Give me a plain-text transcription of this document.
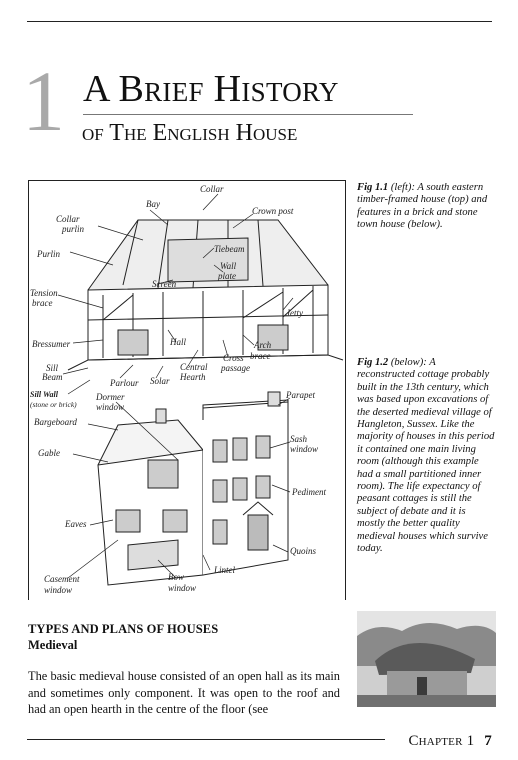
1 A Brief History
of The English House
Collar
Bay
Crown post
Collar
purlin
Tiebeam
Purlin
Wall
plate
Screen
Tension
brace
Jetty
Bressumer	Hall	Arch
brace
Cross
passage
Sill
Beam
Central
Hearth
Solar
Parlour
Sill Wall
(stone or brick)
Dormer
window
Parapet
Bargeboard
Gable
Sash
window
Pediment
Eaves
Quoins
Lintel
Casement
window
Bow
window
Fig 1.1 (left): A south eastern timber-framed house (top) and features in a brick and stone town house (below).
Fig 1.2 (below): A reconstructed cottage probably built in the 13th century, which was based upon excavations of the deserted medieval village of Hangleton, Sussex. Like the majority of houses in this period it contained one main living room (although this example had a small partitioned inner room). The life expectancy of peasant cottages is still the subject of debate and it is mostly the better quality medieval houses which survive today.
TYPES AND PLANS OF HOUSES
Medieval
The basic medieval house consisted of an open hall as its main and sometimes only component. It was open to the roof and had an open hearth in the centre of the floor (see
Chapter 1 7
